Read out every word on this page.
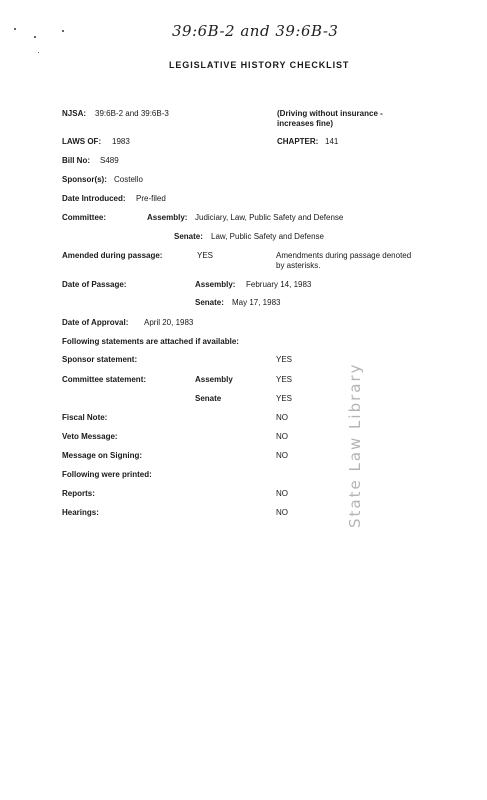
39:6B-2 and 39:6B-3
LEGISLATIVE HISTORY CHECKLIST
NJSA: 39:6B-2 and 39:6B-3	(Driving without insurance -
increases fine)
LAWS OF: 1983	CHAPTER: 141
Bill No: S489
Sponsor(s): Costello
Date Introduced: Pre-filed
Committee:	Assembly: Judiciary, Law, Public Safety and Defense
Senate: Law, Public Safety and Defense
Amended during passage:	YES	Amendments during passage denoted by asterisks.
Date of Passage:	Assembly: February 14, 1983
Senate: May 17, 1983
Date of Approval: April 20, 1983
Following statements are attached if available:
Sponsor statement:	YES
Committee statement:	Assembly	YES
Senate	YES
Fiscal Note:	NO
Veto Message:	NO
Message on Signing:	NO
Following were printed:
Reports:	NO
Hearings:	NO	State Law Library
